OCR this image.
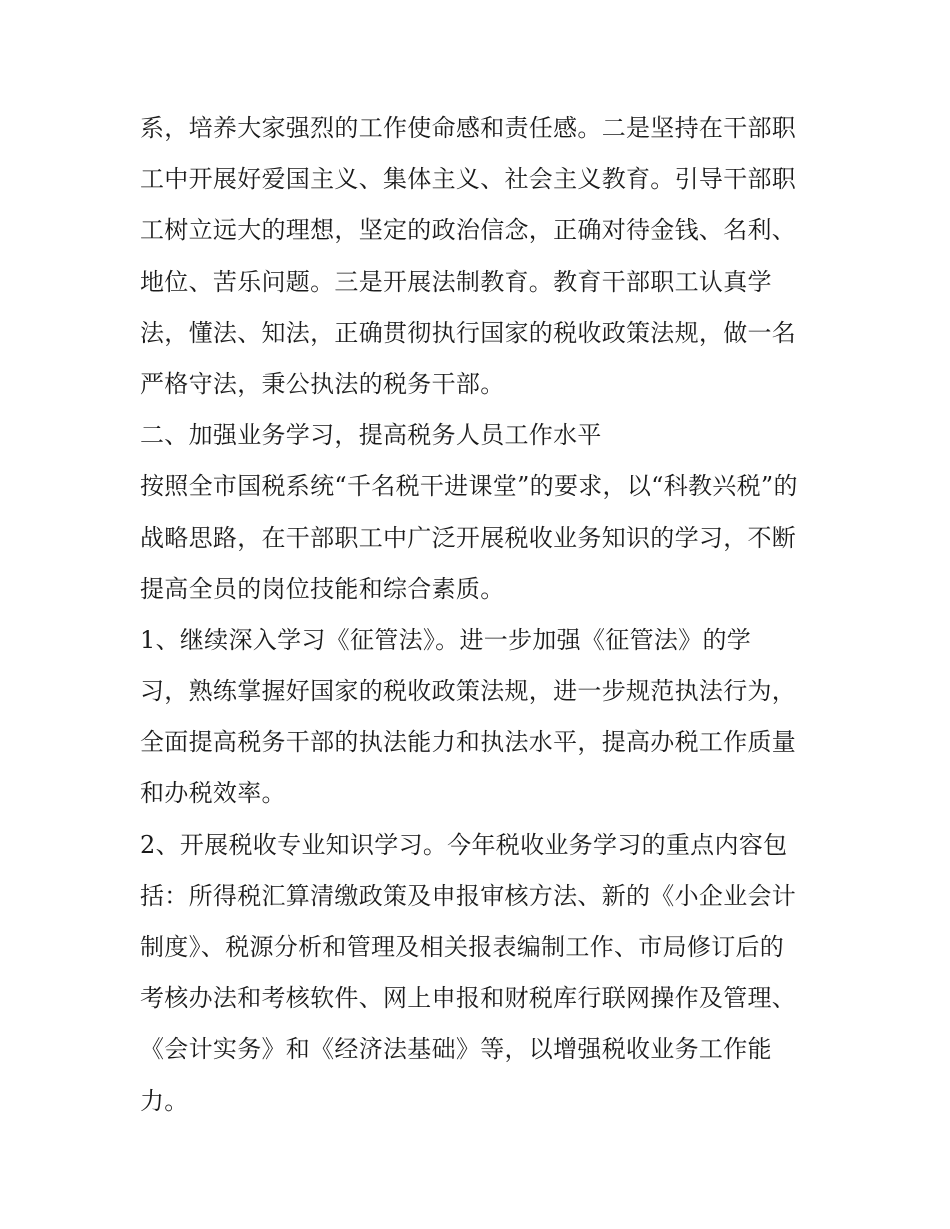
系，培养大家强烈的工作使命感和责任感。二是坚持在干部职
工中开展好爱国主义、集体主义、社会主义教育。引导干部职
工树立远大的理想，坚定的政治信念，正确对待金钱、名利、
地位、苦乐问题。三是开展法制教育。教育干部职工认真学
法，懂法、知法，正确贯彻执行国家的税收政策法规，做一名
严格守法，秉公执法的税务干部。
二、加强业务学习，提高税务人员工作水平
按照全市国税系统“千名税干进课堂”的要求，以“科教兴税”的
战略思路，在干部职工中广泛开展税收业务知识的学习，不断
提高全员的岗位技能和综合素质。
1、继续深入学习《征管法》。进一步加强《征管法》的学
习，熟练掌握好国家的税收政策法规，进一步规范执法行为，
全面提高税务干部的执法能力和执法水平，提高办税工作质量
和办税效率。
2、开展税收专业知识学习。今年税收业务学习的重点内容包
括：所得税汇算清缴政策及申报审核方法、新的《小企业会计
制度》、税源分析和管理及相关报表编制工作、市局修订后的
考核办法和考核软件、网上申报和财税库行联网操作及管理、
《会计实务》和《经济法基础》等，以增强税收业务工作能
力。
